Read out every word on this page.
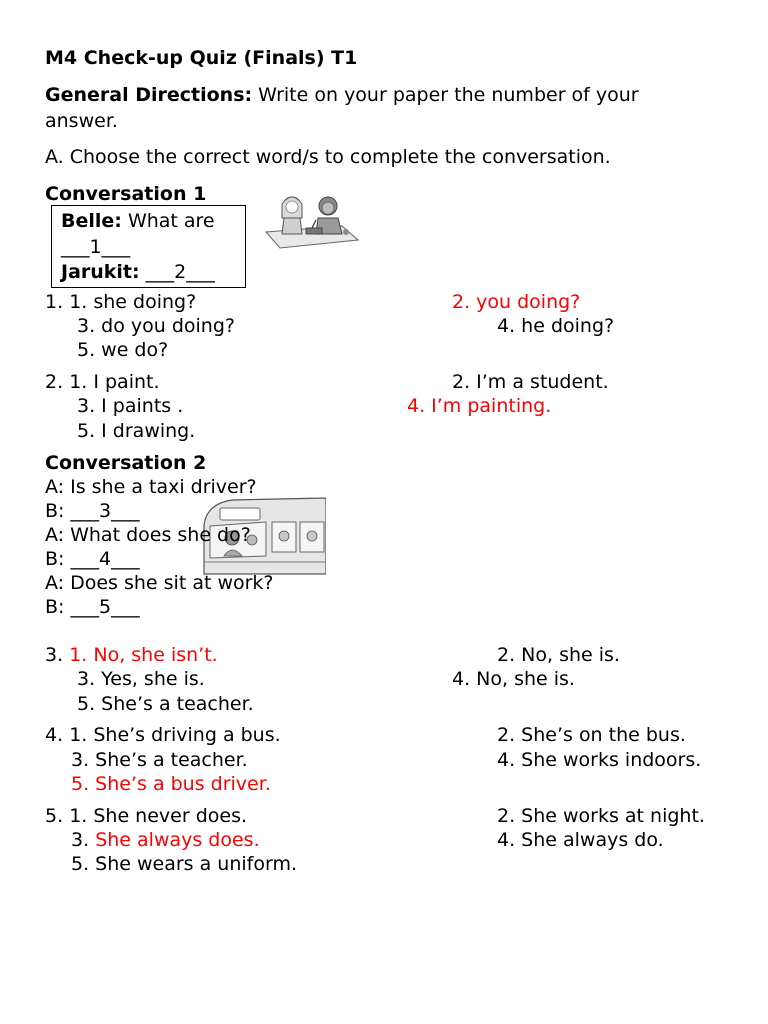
M4 Check-up Quiz (Finals) T1
General Directions: Write on your paper the number of your
answer.
A. Choose the correct word/s to complete the conversation.
Conversation 1
Belle: What are
___1___
Jarukit: ___2___
1. 1. she doing?	2. you doing?
3. do you doing?	4. he doing?
5. we do?
2. 1. I paint.	2. I’m a student.
3. I paints .	4. I’m painting.
5. I drawing.
Conversation 2
A: Is she a taxi driver?
B: ___3___
A: What does she do?
B: ___4___
A: Does she sit at work?
B: ___5___
3. 1. No, she isn’t.	2. No, she is.
3. Yes, she is.	4. No, she is.
5. She’s a teacher.
4. 1. She’s driving a bus.	2. She’s on the bus.
3. She’s a teacher.	4. She works indoors.
5. She’s a bus driver.
5. 1. She never does.	2. She works at night.
3. She always does.	4. She always do.
5. She wears a uniform.
